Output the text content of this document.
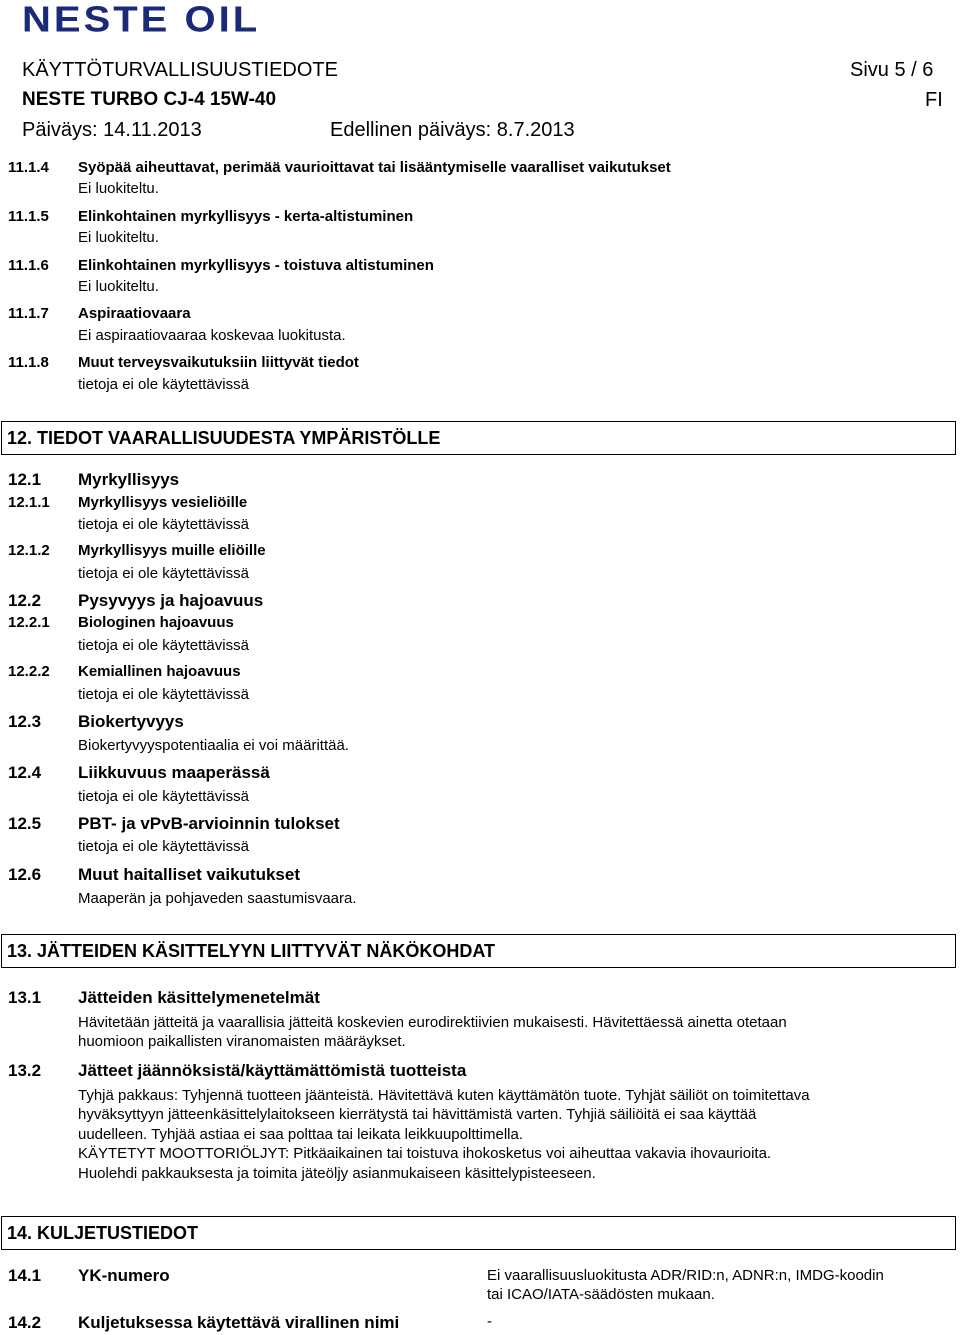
NESTE OIL
KÄYTTÖTURVALLISUUSTIEDOTE	Sivu 5 / 6
NESTE TURBO CJ-4 15W-40	FI
Päiväys: 14.11.2013	Edellinen päiväys: 8.7.2013
11.1.4 Syöpää aiheuttavat, perimää vaurioittavat tai lisääntymiselle vaaralliset vaikutukset
Ei luokiteltu.
11.1.5 Elinkohtainen myrkyllisyys - kerta-altistuminen
Ei luokiteltu.
11.1.6 Elinkohtainen myrkyllisyys - toistuva altistuminen
Ei luokiteltu.
11.1.7 Aspiraatiovaara
Ei aspiraatiovaaraa koskevaa luokitusta.
11.1.8 Muut terveysvaikutuksiin liittyvät tiedot
tietoja ei ole käytettävissä
12. TIEDOT VAARALLISUUDESTA YMPÄRISTÖLLE
12.1 Myrkyllisyys
12.1.1 Myrkyllisyys vesieliöille
tietoja ei ole käytettävissä
12.1.2 Myrkyllisyys muille eliöille
tietoja ei ole käytettävissä
12.2 Pysyvyys ja hajoavuus
12.2.1 Biologinen hajoavuus
tietoja ei ole käytettävissä
12.2.2 Kemiallinen hajoavuus
tietoja ei ole käytettävissä
12.3 Biokertyvyys
Biokertyvyyspotentiaalia ei voi määrittää.
12.4 Liikkuvuus maaperässä
tietoja ei ole käytettävissä
12.5 PBT- ja vPvB-arvioinnin tulokset
tietoja ei ole käytettävissä
12.6 Muut haitalliset vaikutukset
Maaperän ja pohjaveden saastumisvaara.
13. JÄTTEIDEN KÄSITTELYYN LIITTYVÄT NÄKÖKOHDAT
13.1 Jätteiden käsittelymenetelmät
Hävitetään jätteitä ja vaarallisia jätteitä koskevien eurodirektiivien mukaisesti. Hävitettäessä ainetta otetaan
huomioon paikallisten viranomaisten määräykset.
13.2 Jätteet jäännöksistä/käyttämättömistä tuotteista
Tyhjä pakkaus: Tyhjennä tuotteen jäänteistä. Hävitettävä kuten käyttämätön tuote. Tyhjät säiliöt on toimitettava
hyväksyttyyn jätteenkäsittelylaitokseen kierrätystä tai hävittämistä varten. Tyhjiä säiliöitä ei saa käyttää
uudelleen. Tyhjää astiaa ei saa polttaa tai leikata leikkuupolttimella.
KÄYTETYT MOOTTORIÖLJYT: Pitkäaikainen tai toistuva ihokosketus voi aiheuttaa vakavia ihovaurioita.
Huolehdi pakkauksesta ja toimita jäteöljy asianmukaiseen käsittelypisteeseen.
14. KULJETUSTIEDOT
14.1 YK-numero	Ei vaarallisuusluokitusta ADR/RID:n, ADNR:n, IMDG-koodin
tai ICAO/IATA-säädösten mukaan.
14.2 Kuljetuksessa käytettävä virallinen nimi	-
